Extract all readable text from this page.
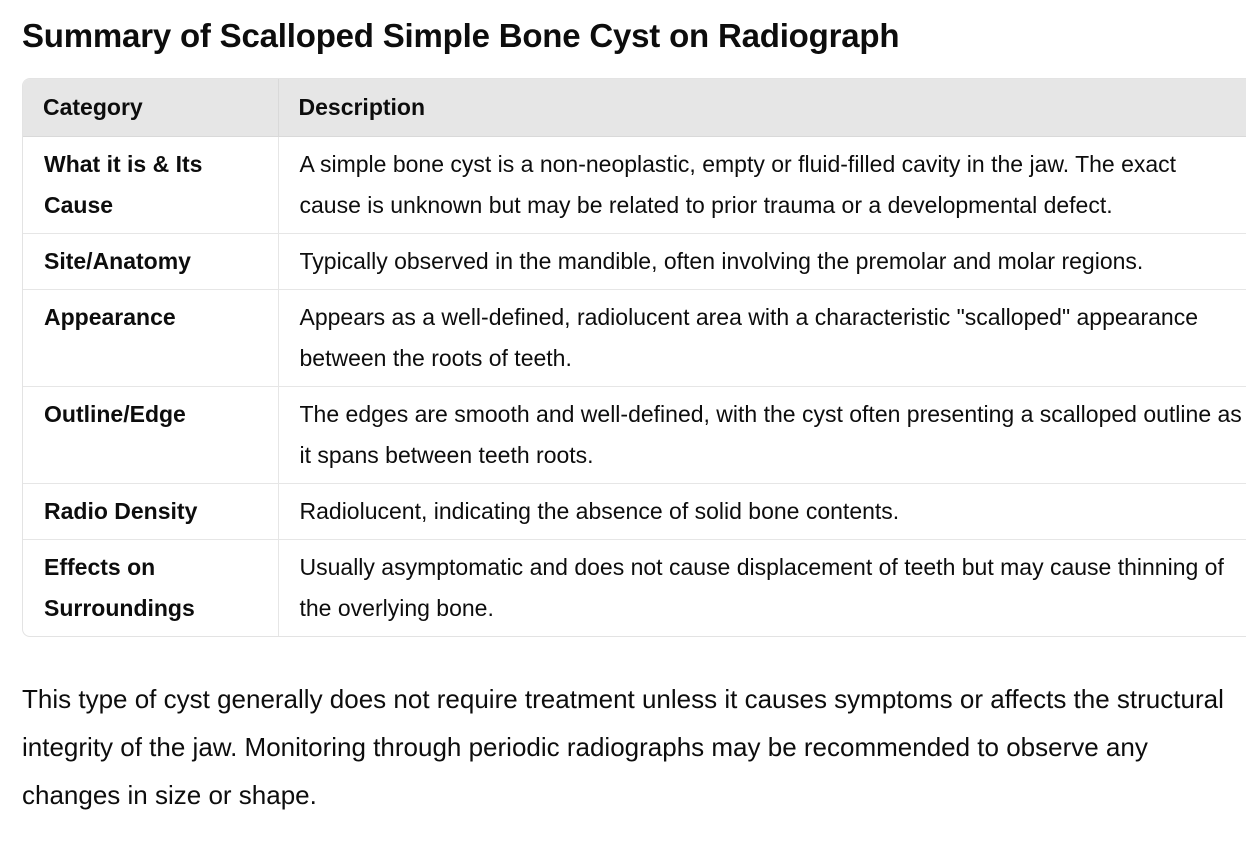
Summary of Scalloped Simple Bone Cyst on Radiograph
Category	Description
What it is & Its Cause	A simple bone cyst is a non-neoplastic, empty or fluid-filled cavity in the jaw. The exact cause is unknown but may be related to prior trauma or a developmental defect.
Site/Anatomy	Typically observed in the mandible, often involving the premolar and molar regions.
Appearance	Appears as a well-defined, radiolucent area with a characteristic "scalloped" appearance between the roots of teeth.
Outline/Edge	The edges are smooth and well-defined, with the cyst often presenting a scalloped outline as it spans between teeth roots.
Radio Density	Radiolucent, indicating the absence of solid bone contents.
Effects on Surroundings	Usually asymptomatic and does not cause displacement of teeth but may cause thinning of the overlying bone.

This type of cyst generally does not require treatment unless it causes symptoms or affects the structural integrity of the jaw. Monitoring through periodic radiographs may be recommended to observe any changes in size or shape.
